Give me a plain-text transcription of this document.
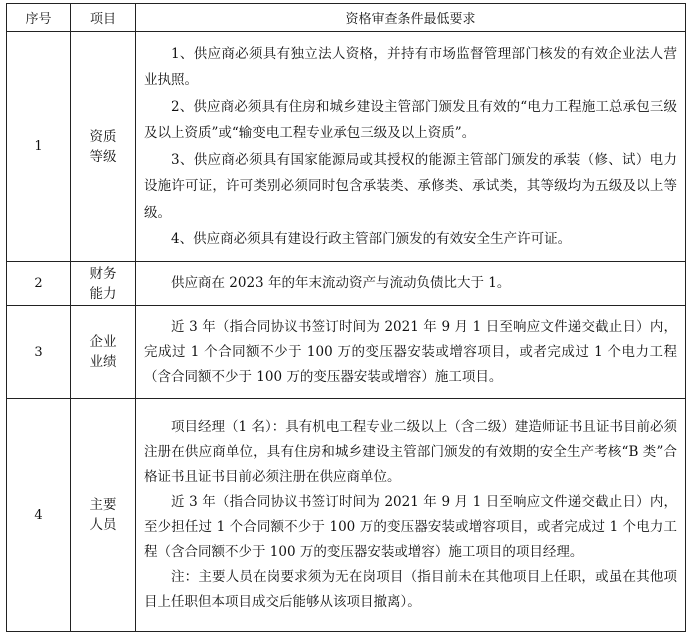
序号	项目	资格审查条件最低要求
1	资质等级	1、供应商必须具有独立法人资格，并持有市场监督管理部门核发的有效企业法人营业执照。

2、供应商必须具有住房和城乡建设主管部门颁发且有效的“电力工程施工总承包三级及以上资质”或“输变电工程专业承包三级及以上资质”。

3、供应商必须具有国家能源局或其授权的能源主管部门颁发的承装（修、试）电力设施许可证，许可类别必须同时包含承装类、承修类、承试类，其等级均为五级及以上等级。

4、供应商必须具有建设行政主管部门颁发的有效安全生产许可证。

2	财务能力	供应商在 2023 年的年末流动资产与流动负债比大于 1。

3	企业业绩	近 3 年（指合同协议书签订时间为 2021 年 9 月 1 日至响应文件递交截止日）内，完成过 1 个合同额不少于 100 万的变压器安装或增容项目，或者完成过 1 个电力工程（含合同额不少于 100 万的变压器安装或增容）施工项目。

4	主要人员	项目经理（1 名）：具有机电工程专业二级以上（含二级）建造师证书且证书目前必须注册在供应商单位，具有住房和城乡建设主管部门颁发的有效期的安全生产考核“B 类”合格证书且证书目前必须注册在供应商单位。

近 3 年（指合同协议书签订时间为 2021 年 9 月 1 日至响应文件递交截止日）内，至少担任过 1 个合同额不少于 100 万的变压器安装或增容项目，或者完成过 1 个电力工程（含合同额不少于 100 万的变压器安装或增容）施工项目的项目经理。

注：主要人员在岗要求须为无在岗项目（指目前未在其他项目上任职，或虽在其他项目上任职但本项目成交后能够从该项目撤离）。
